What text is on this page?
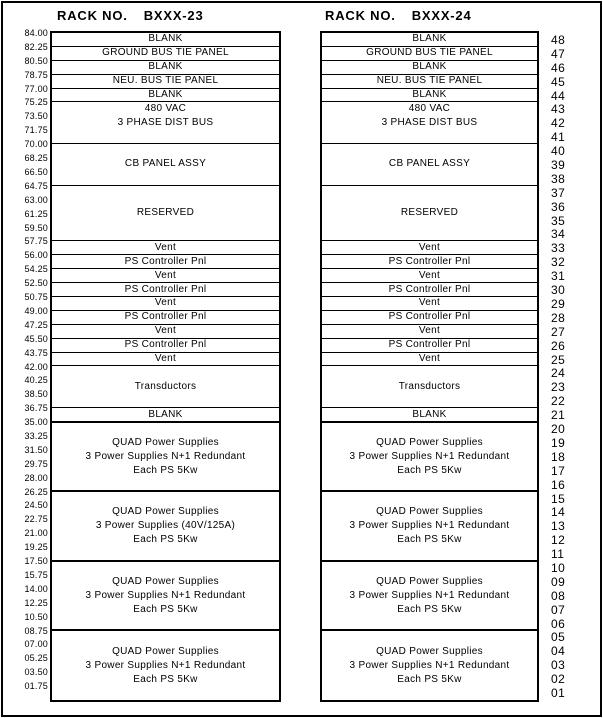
RACK NO. BXXX-23	RACK NO. BXXX-24
BLANK
GROUND BUS TIE PANEL
BLANK
NEU. BUS TIE PANEL
BLANK
480 VAC
3 PHASE DIST BUS
CB PANEL ASSY
RESERVED
Vent
PS Controller Pnl
Vent
PS Controller Pnl
Vent
PS Controller Pnl
Vent
PS Controller Pnl
Vent
Transductors
BLANK
QUAD Power Supplies
3 Power Supplies N+1 Redundant
Each PS 5Kw
QUAD Power Supplies
3 Power Supplies (40V/125A)
Each PS 5Kw
QUAD Power Supplies
3 Power Supplies N+1 Redundant
Each PS 5Kw
QUAD Power Supplies
3 Power Supplies N+1 Redundant
Each PS 5Kw
BLANK
GROUND BUS TIE PANEL
BLANK
NEU. BUS TIE PANEL
BLANK
480 VAC
3 PHASE DIST BUS
CB PANEL ASSY
RESERVED
Vent
PS Controller Pnl
Vent
PS Controller Pnl
Vent
PS Controller Pnl
Vent
PS Controller Pnl
Vent
Transductors
BLANK
QUAD Power Supplies
3 Power Supplies N+1 Redundant
Each PS 5Kw
QUAD Power Supplies
3 Power Supplies N+1 Redundant
Each PS 5Kw
QUAD Power Supplies
3 Power Supplies N+1 Redundant
Each PS 5Kw
QUAD Power Supplies
3 Power Supplies N+1 Redundant
Each PS 5Kw
84.00
82.25
80.50
78.75
77.00
75.25
73.50
71.75
70.00
68.25
66.50
64.75
63.00
61.25
59.50
57.75
56.00
54.25
52.50
50.75
49.00
47.25
45.50
43.75
42.00
40.25
38.50
36.75
35.00
33.25
31.50
29.75
28.00
26.25
24.50
22.75
21.00
19.25
17.50
15.75
14.00
12.25
10.50
08.75
07.00
05.25
03.50
01.75
48
47
46
45
44
43
42
41
40
39
38
37
36
35
34
33
32
31
30
29
28
27
26
25
24
23
22
21
20
19
18
17
16
15
14
13
12
11
10
09
08
07
06
05
04
03
02
01
